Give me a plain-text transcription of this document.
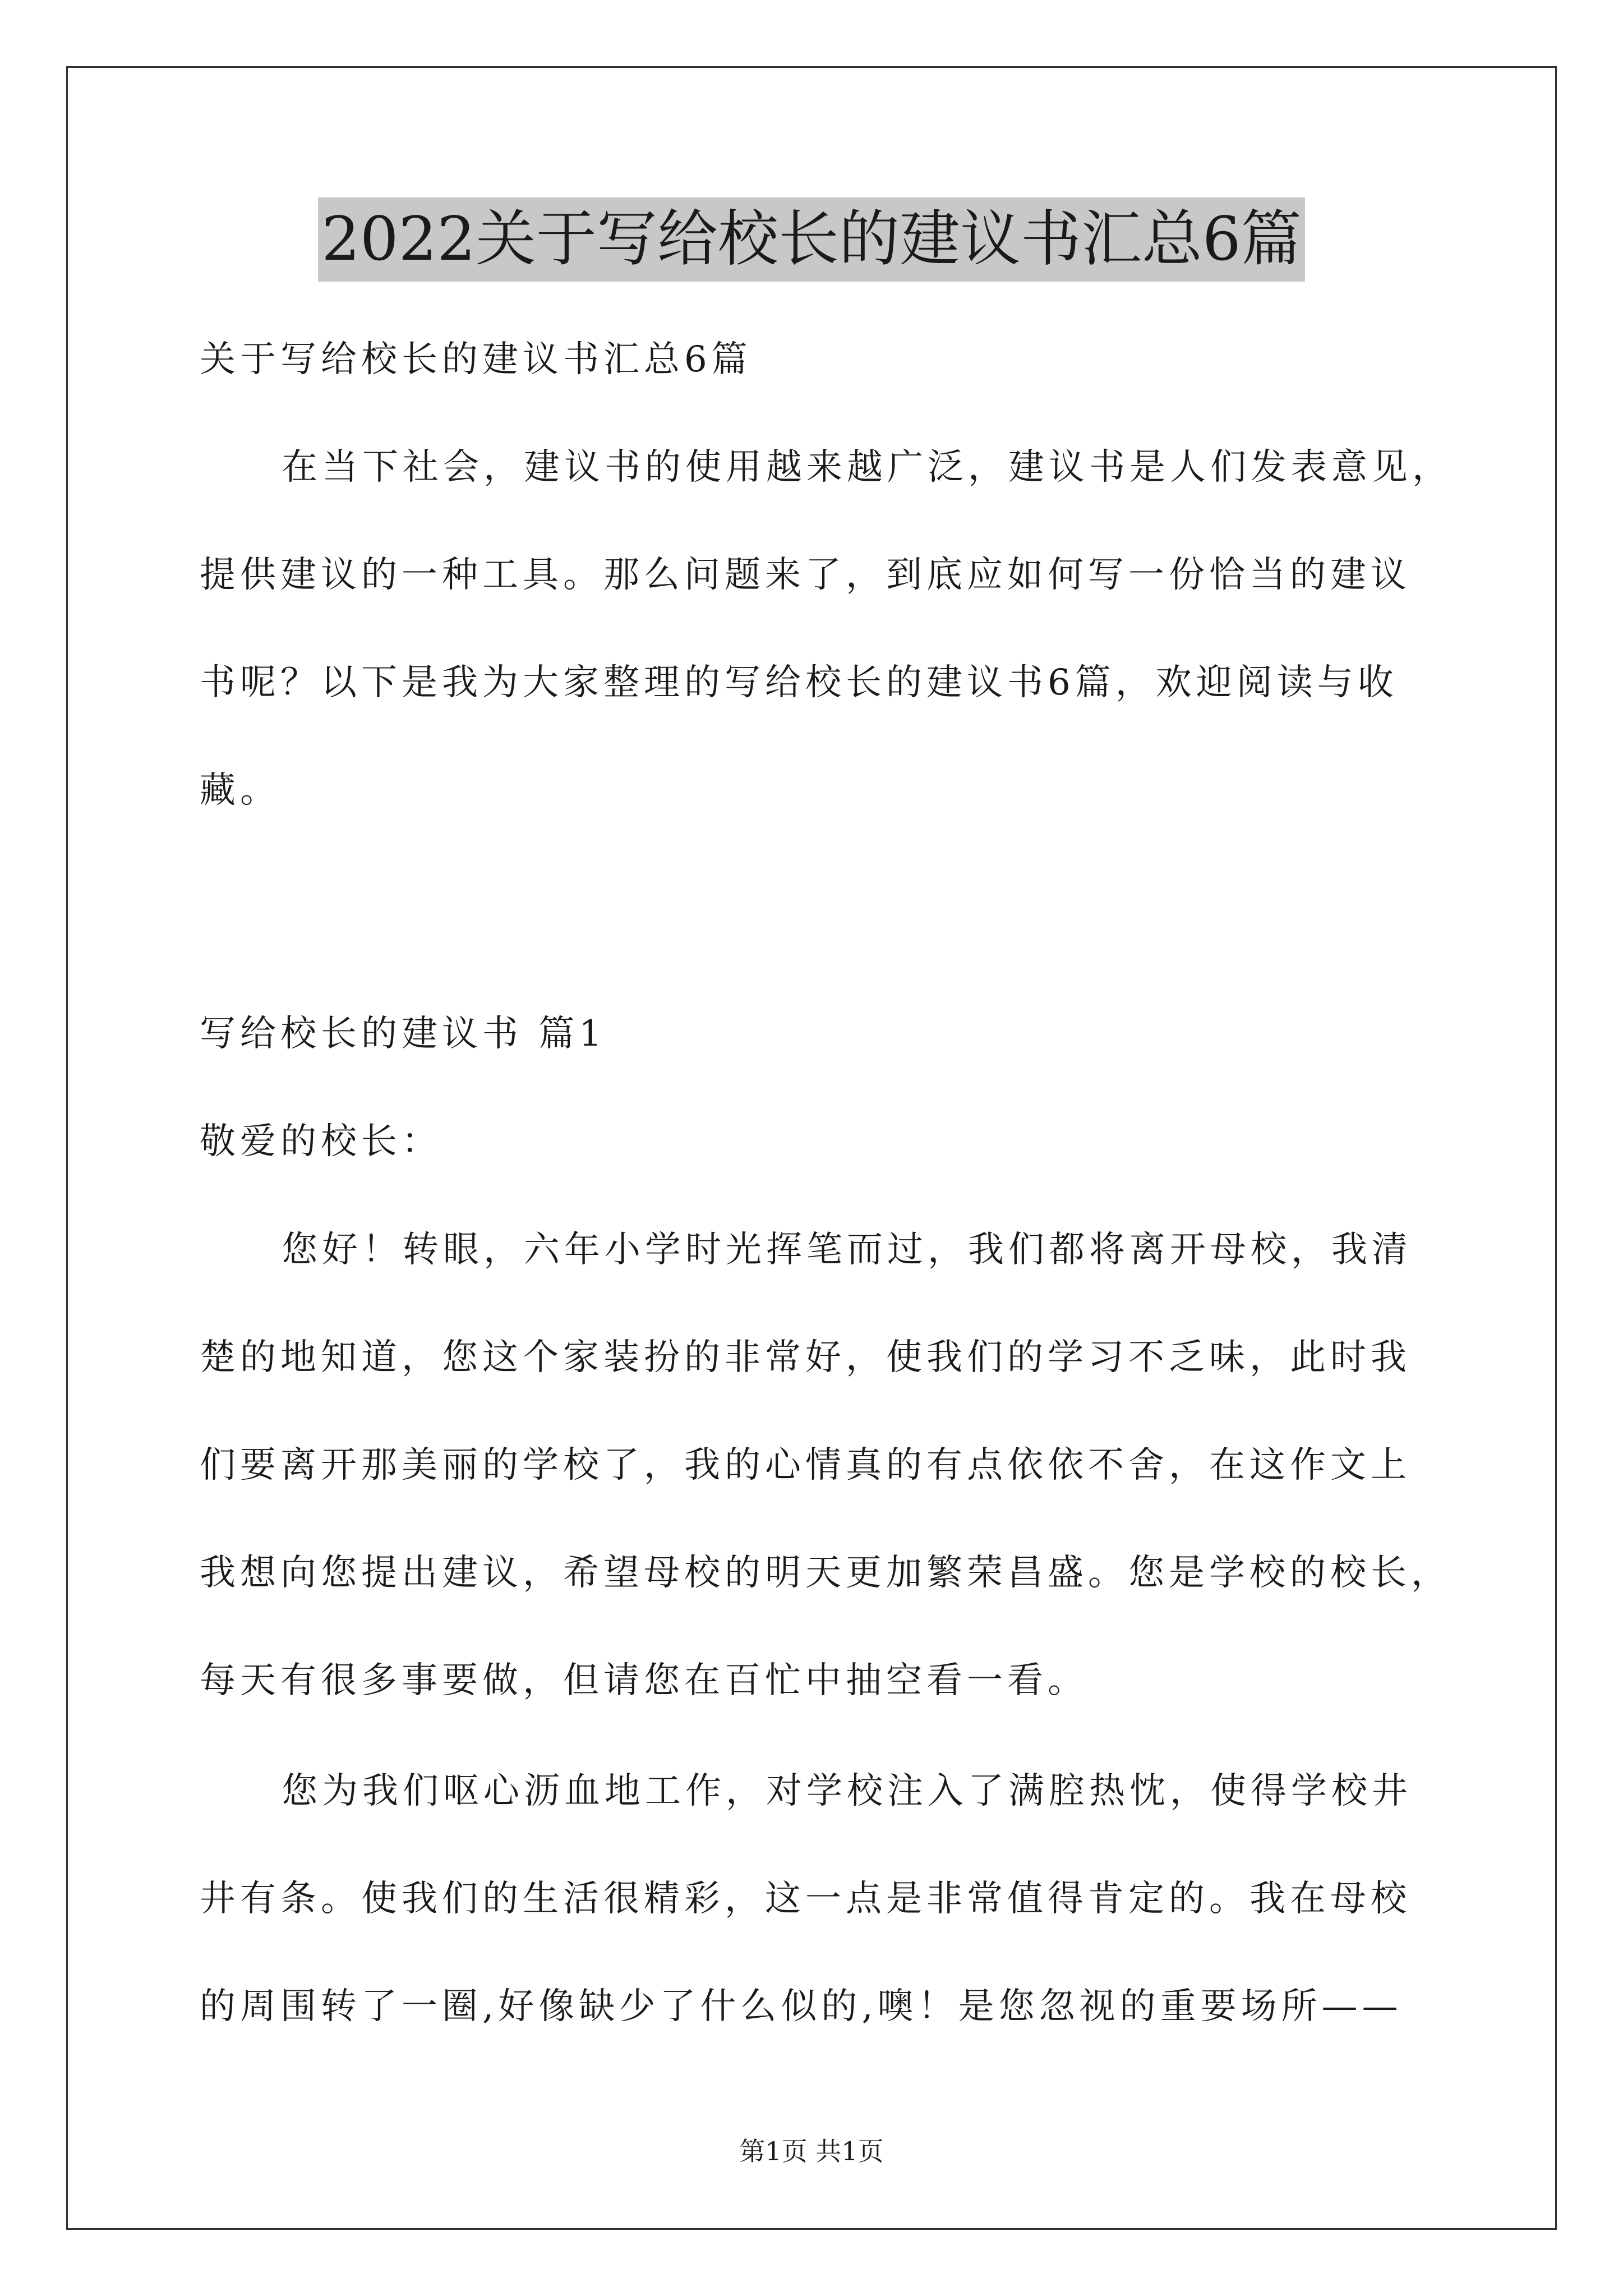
2022关于写给校长的建议书汇总6篇

关于写给校长的建议书汇总6篇

在当下社会，建议书的使用越来越广泛，建议书是人们发表意见，
提供建议的一种工具。那么问题来了，到底应如何写一份恰当的建议
书呢？以下是我为大家整理的写给校长的建议书6篇，欢迎阅读与收
藏。

写给校长的建议书 篇1

敬爱的校长：

您好！转眼，六年小学时光挥笔而过，我们都将离开母校，我清
楚的地知道，您这个家装扮的非常好，使我们的学习不乏味，此时我
们要离开那美丽的学校了，我的心情真的有点依依不舍，在这作文上
我想向您提出建议，希望母校的明天更加繁荣昌盛。您是学校的校长，
每天有很多事要做，但请您在百忙中抽空看一看。
您为我们呕心沥血地工作，对学校注入了满腔热忱，使得学校井
井有条。使我们的生活很精彩，这一点是非常值得肯定的。我在母校
的周围转了一圈,好像缺少了什么似的,噢！是您忽视的重要场所——
第1页 共1页
